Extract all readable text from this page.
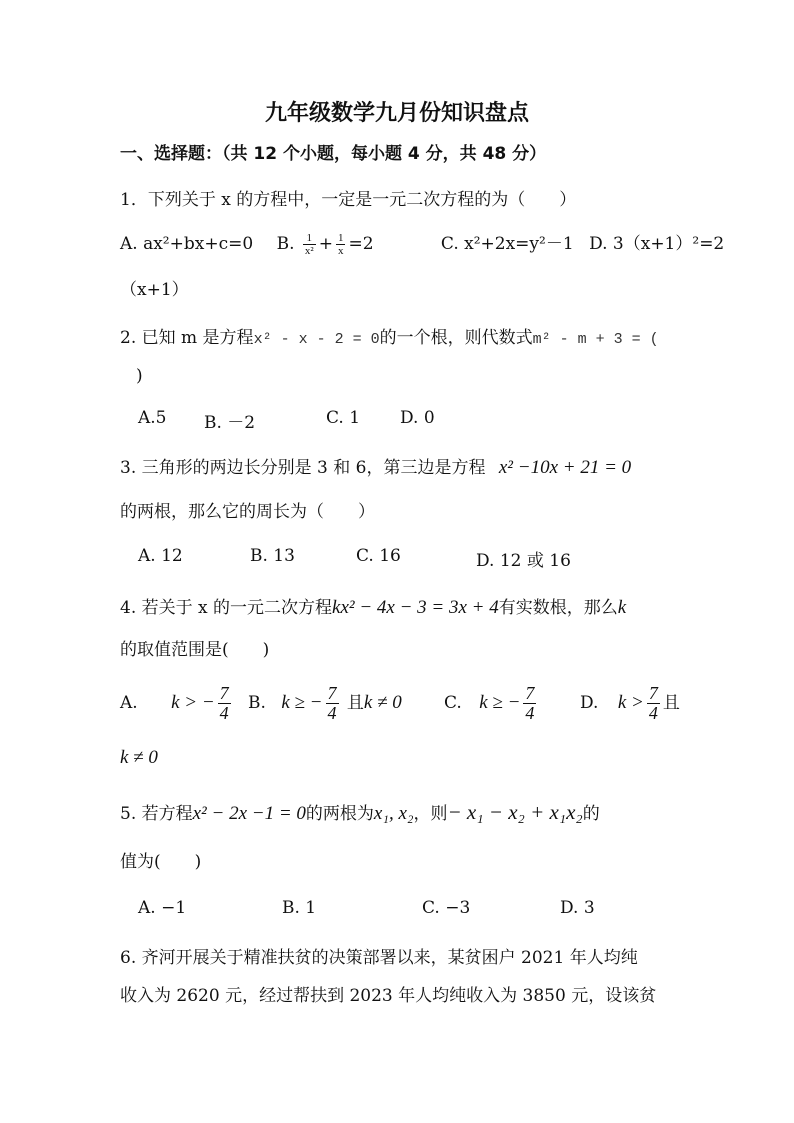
九年级数学九月份知识盘点
一、选择题：（共 12 个小题，每小题 4 分，共 48 分）
1．下列关于 x 的方程中，一定是一元二次方程的为（　　）
A. ax²+bx+c=0 B. $\frac{1}{\text{x²}} + \frac{1}{x} =2$	C. x²+2x=y²－1 D. 3（x+1）²=2
（x+1）
2. 已知 m 是方程x² - x - 2 = 0的一个根，则代数式m² - m + 3 = (
)
A.5 B. －2	C. 1 D. 0
3. 三角形的两边长分别是 3 和 6，第三边是方程 x² −10x + 21 = 0
的两根，那么它的周长为（　　）
A. 12	B. 13	C. 16	D. 12 或 16
4. 若关于 x 的一元二次方程kx² − 4x − 3 = 3x + 4有实数根，那么k
的取值范围是(　　)
A. k > − $\frac{7}{4} B$. k ≥ − $\frac{7}{4}$ 且k ≠ 0 C. k ≥ − $\frac{7}{4}$	D. $k > \frac{7}{4}$ 且
k ≠ 0
5. 若方程x² − 2x −1 = 0的两根为x₁, x₂，则− x₁ − x₂ + x₁x₂的
值为(　　)
A. −1	B. 1	C. −3	D. 3
6. 齐河开展关于精准扶贫的决策部署以来，某贫困户 2021 年人均纯
收入为 2620 元，经过帮扶到 2023 年人均纯收入为 3850 元，设该贫
